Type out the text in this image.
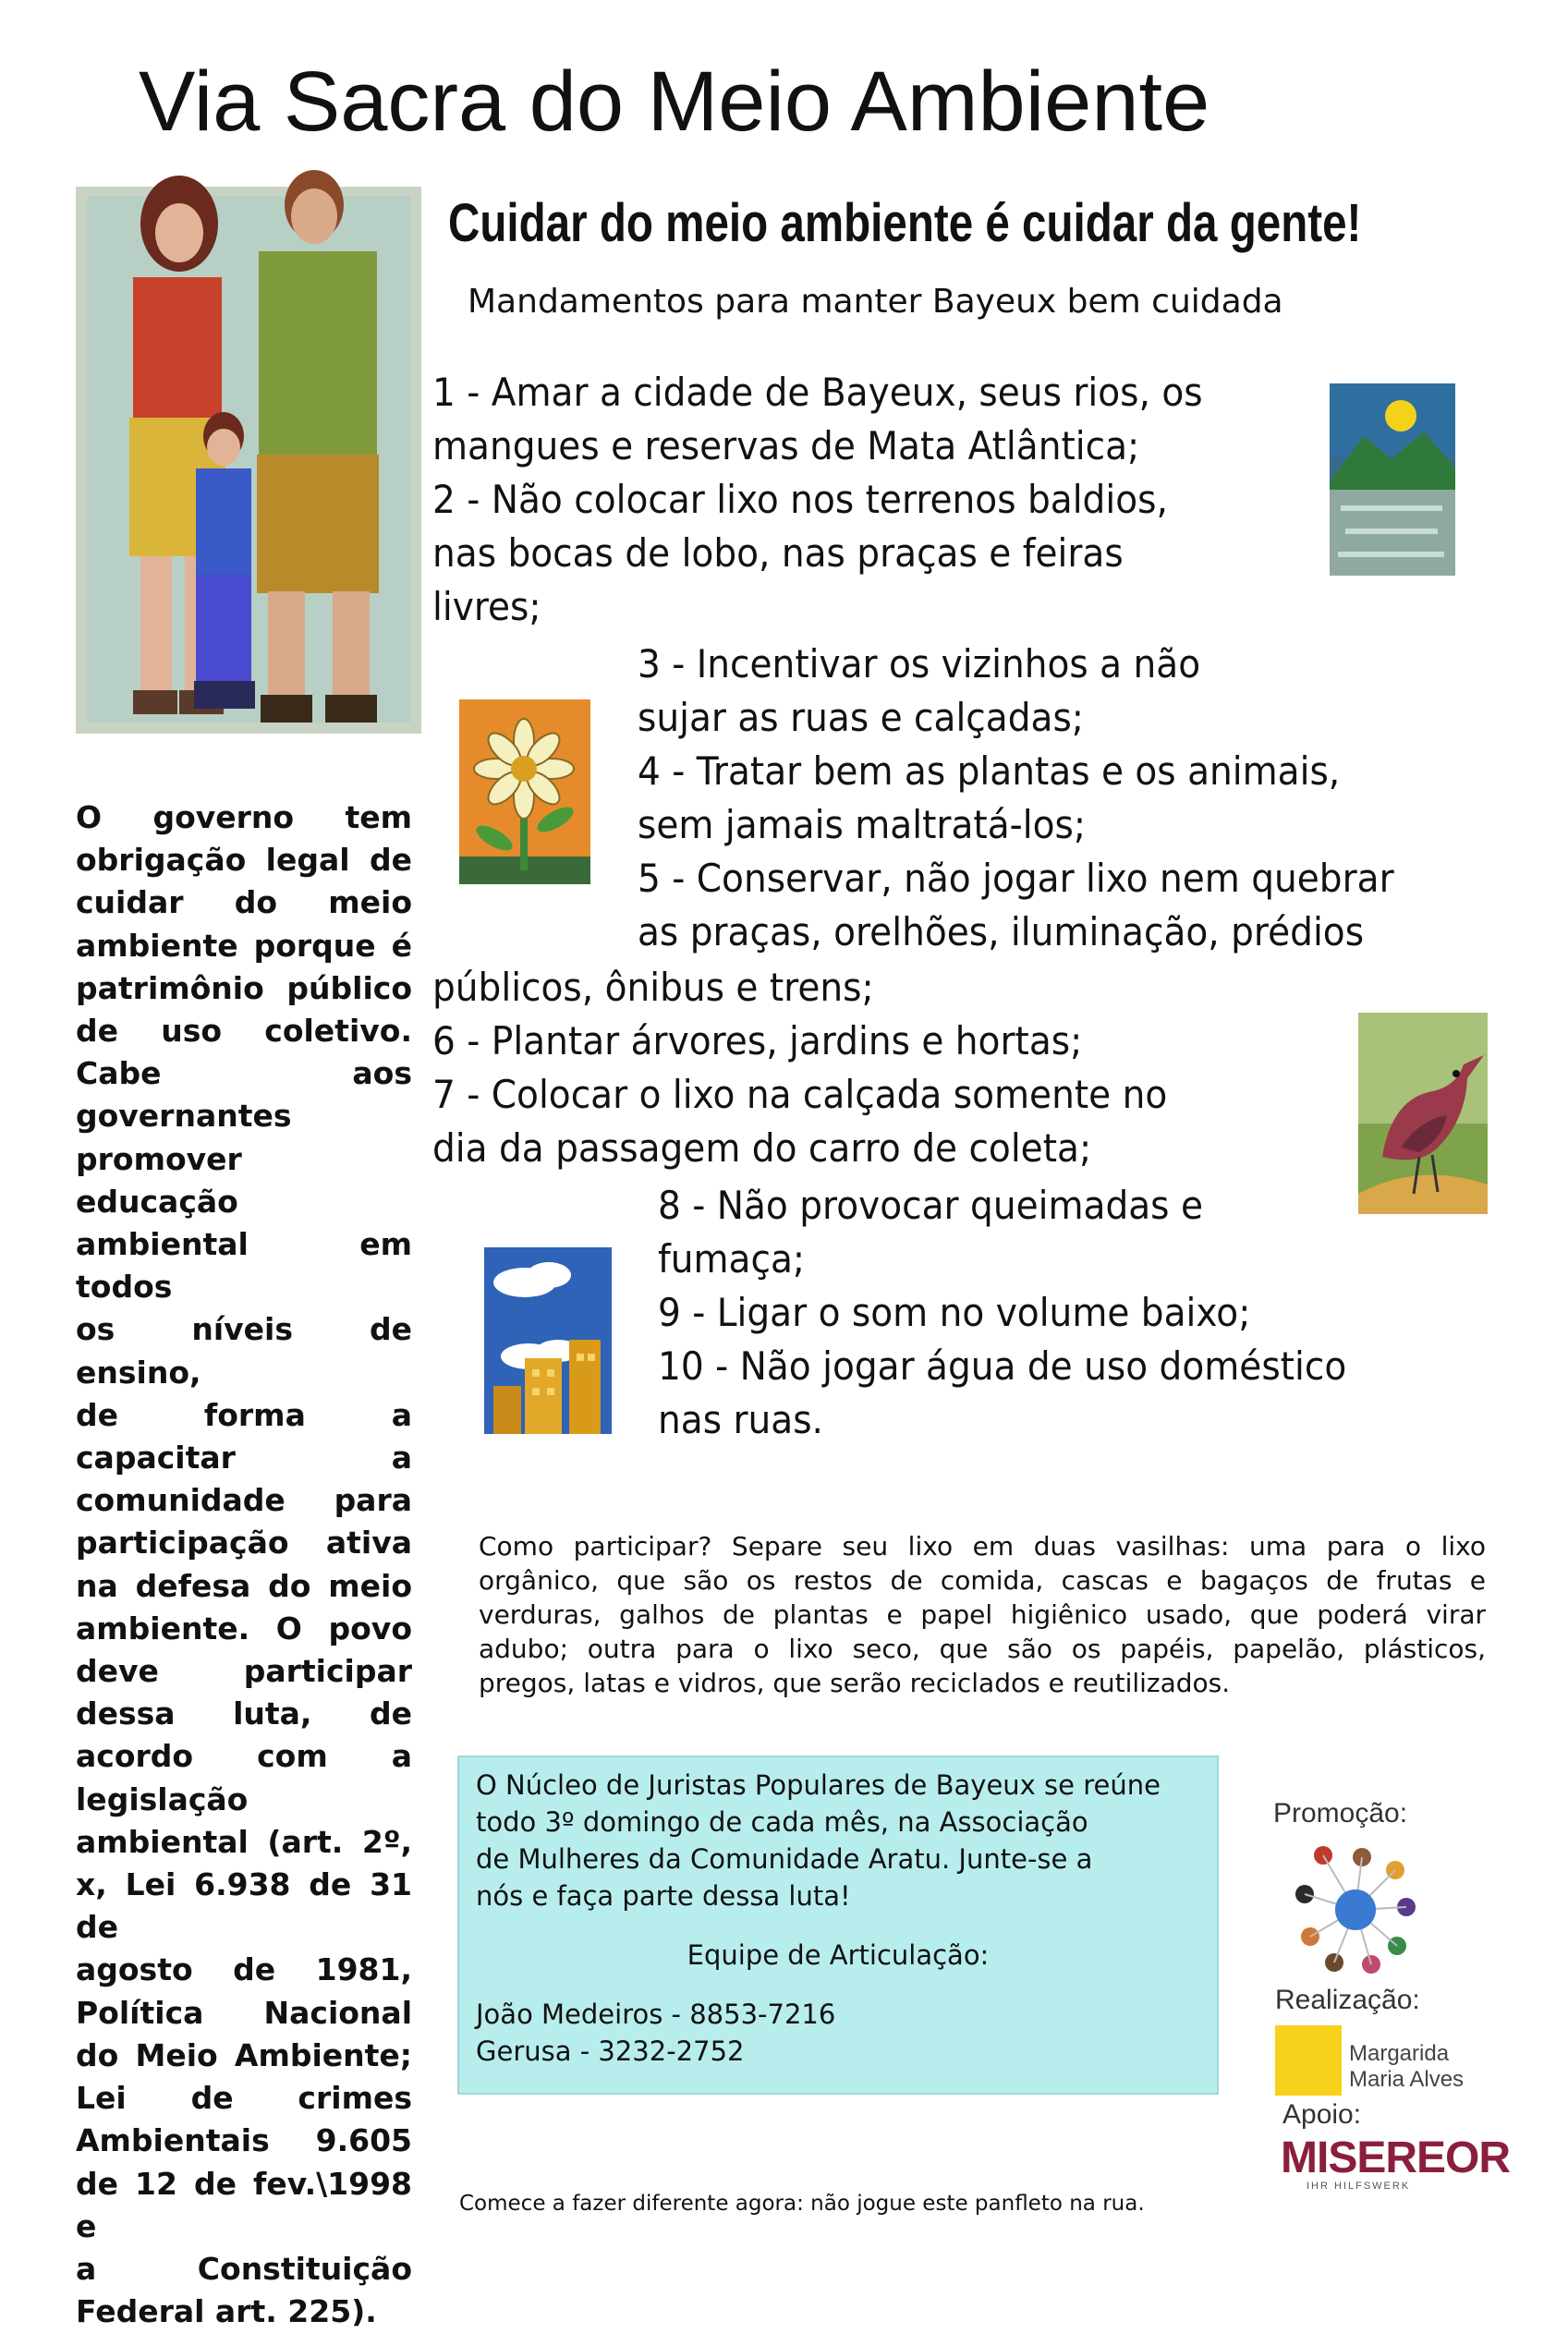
Via Sacra do Meio Ambiente
Cuidar do meio ambiente é cuidar da gente!
Mandamentos para manter Bayeux bem cuidada
1 - Amar a cidade de Bayeux, seus rios, os
mangues e reservas de Mata Atlântica;
2 - Não colocar lixo nos terrenos baldios,
nas bocas de lobo, nas praças e feiras
livres;
3 - Incentivar os vizinhos a não
sujar as ruas e calçadas;
4 - Tratar bem as plantas e os animais,
sem jamais maltratá-los;
5 - Conservar, não jogar lixo nem quebrar
as praças, orelhões, iluminação, prédios
públicos, ônibus e trens;
6 - Plantar árvores, jardins e hortas;
7 - Colocar o lixo na calçada somente no
dia da passagem do carro de coleta;
8 - Não provocar queimadas e
fumaça;
9 - Ligar o som no volume baixo;
10 - Não jogar água de uso doméstico
nas ruas.
O governo tem
obrigação legal de
cuidar do meio
ambiente porque é
patrimônio público
de uso coletivo.
Cabe aos
governantes
promover educação
ambiental em todos
os níveis de ensino,
de forma a
capacitar a
comunidade para
participação ativa
na defesa do meio
ambiente. O povo
deve participar
dessa luta, de
acordo com a
legislação
ambiental (art. 2º,
x, Lei 6.938 de 31 de
agosto de 1981,
Política Nacional
do Meio Ambiente;
Lei de crimes
Ambientais 9.605
de 12 de fev.\1998 e
a Constituição
Federal art. 225).
Como participar? Separe seu lixo em duas vasilhas: uma para o lixo
orgânico, que são os restos de comida, cascas e bagaços de frutas e
verduras, galhos de plantas e papel higiênico usado, que poderá virar
adubo; outra para o lixo seco, que são os papéis, papelão, plásticos,
pregos, latas e vidros, que serão reciclados e reutilizados.
O Núcleo de Juristas Populares de Bayeux se reúne
todo 3º domingo de cada mês, na Associação
de Mulheres da Comunidade Aratu. Junte-se a
nós e faça parte dessa luta!
Equipe de Articulação:
João Medeiros - 8853-7216
Gerusa - 3232-2752
Promoção:
Realização:
Margarida
Maria Alves
Apoio:
MISEREOR
IHR HILFSWERK
Comece a fazer diferente agora: não jogue este panfleto na rua.
